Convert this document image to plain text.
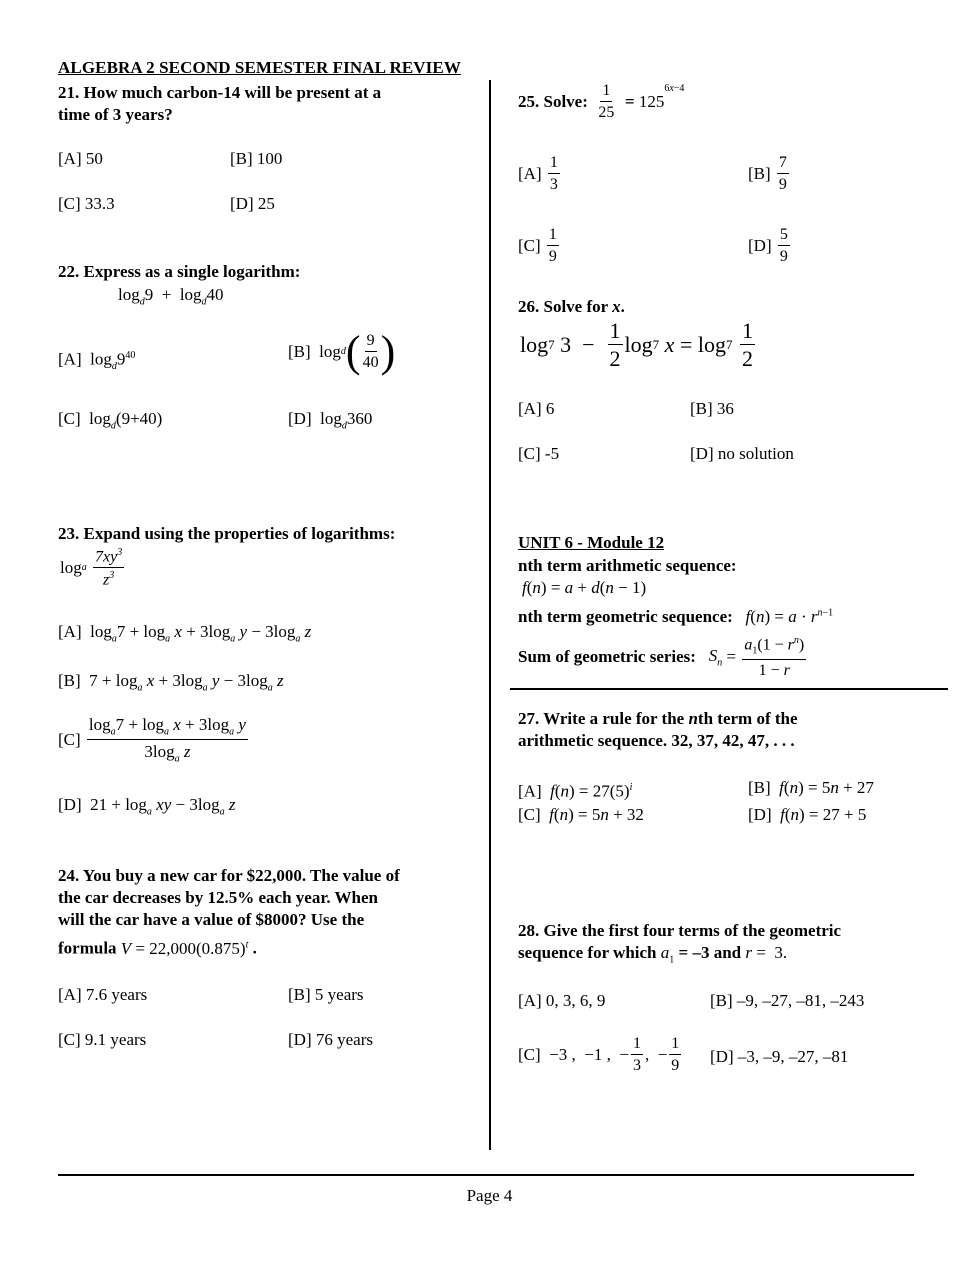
ALGEBRA 2 SECOND SEMESTER FINAL REVIEW
21. How much carbon-14 will be present at a
time of 3 years?
[A] 50	[B] 100
[C] 33.3	[D] 25
22. Express as a single logarithm:
$\log_d9 + \log_d40$
[A]  $\log_d9^{40}$	[B] log d ( $\frac{9}{40}$ )
[C]  $\log_d(9+40)$	[D]  $\log_d360$
23. Expand using the properties of logarithms:
log a
$\frac{7xy^3}{z^3}$
[A]  $\log_a7 + \log_a x + 3\log_a$ $y - 3\log_a$ z
[B]  $7 + \log_a x + 3\log_a$ $y - 3\log_a$ z
[C]
$\frac{\log_a7 + \log_a x + 3\log_a y}{3\log_a z}$
[D]  $21 + \log_a$ xy − $3\log_a$ z
24. You buy a new car for $22,000. The value of
the car decreases by 12.5% each year. When
will the car have a value of $8000? Use the
formula $V = 22,000(0.875)^t$ .
[A] 7.6 years	[B] 5 years
[C] 9.1 years	[D] 76 years
25. Solve:
$\frac{1}{25}$
= 125
$^{6x-4}$
[A]
$\frac{1}{3}$	[B]
$\frac{7}{9}$
[C]
$\frac{1}{9}$	[D]
$\frac{5}{9}$
26. Solve for x.
log 7 $3 - \frac{1}{2}$ log 7
x = log 7
$\frac{1}{2}$
[A] 6	[B] 36
[C] -5	[D] no solution
UNIT 6 - Module 12
nth term arithmetic sequence:
f(n) = a + d(n − 1)
nth term geometric sequence: $f(n) = a \cdot r^{n-1}$
Sum of geometric series:
$S_n = \frac{a_1(1 - r^n)}{1 - r}$
27. Write a rule for the nth term of the
arithmetic sequence. 32, 37, 42, 47, . . .
[A] $f(n) = 27(5)^i$	[B] f(n) = 5n + 27
[C] f(n) = 5n + 32	[D] f(n) = 27 + 5
28. Give the first four terms of the geometric
sequence for which $a_1 = -3$ and r =  3.
[A] 0, 3, 6, 9	[B] –9, –27, –81, –243
[C] −3 ,  −1 ,  − $\frac{1}{3}$ ,  − $\frac{1}{9} [D]$ –3, –9, –27, –81
Page 4
